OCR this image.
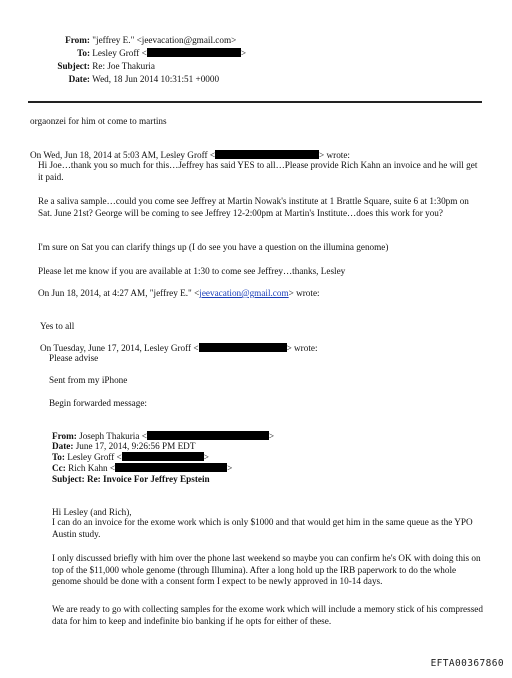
From: "jeffrey E." <jeevacation@gmail.com>
To: Lesley Groff <	>
Subject: Re: Joe Thakuria
Date: Wed, 18 Jun 2014 10:31:51 +0000
orgaonzei for him ot come to martins
On Wed, Jun 18, 2014 at 5:03 AM, Lesley Groff <	> wrote:
Hi Joe…thank you so much for this…Jeffrey has said YES to all…Please provide Rich Kahn an invoice and he will get it paid.
Re a saliva sample…could you come see Jeffrey at Martin Nowak's institute at 1 Brattle Square, suite 6 at 1:30pm on Sat. June 21st? George will be coming to see Jeffrey 12-2:00pm at Martin's Institute…does this work for you?
I'm sure on Sat you can clarify things up (I do see you have a question on the illumina genome)
Please let me know if you are available at 1:30 to come see Jeffrey…thanks, Lesley
On Jun 18, 2014, at 4:27 AM, "jeffrey E." <jeevacation@gmail.com> wrote:
Yes to all
On Tuesday, June 17, 2014, Lesley Groff <	> wrote:
Please advise
Sent from my iPhone
Begin forwarded message:
From: Joseph Thakuria <	>
Date: June 17, 2014, 9:26:56 PM EDT
To: Lesley Groff <	>
Cc: Rich Kahn <	>
Subject: Re: Invoice For Jeffrey Epstein
Hi Lesley (and Rich),
I can do an invoice for the exome work which is only $1000 and that would get him in the same queue as the YPO Austin study.
I only discussed briefly with him over the phone last weekend so maybe you can confirm he's OK with doing this on top of the $11,000 whole genome (through Illumina). After a long hold up the IRB paperwork to do the whole genome should be done with a consent form I expect to be newly approved in 10-14 days.
We are ready to go with collecting samples for the exome work which will include a memory stick of his compressed data for him to keep and indefinite bio banking if he opts for either of these.
EFTA00367860
